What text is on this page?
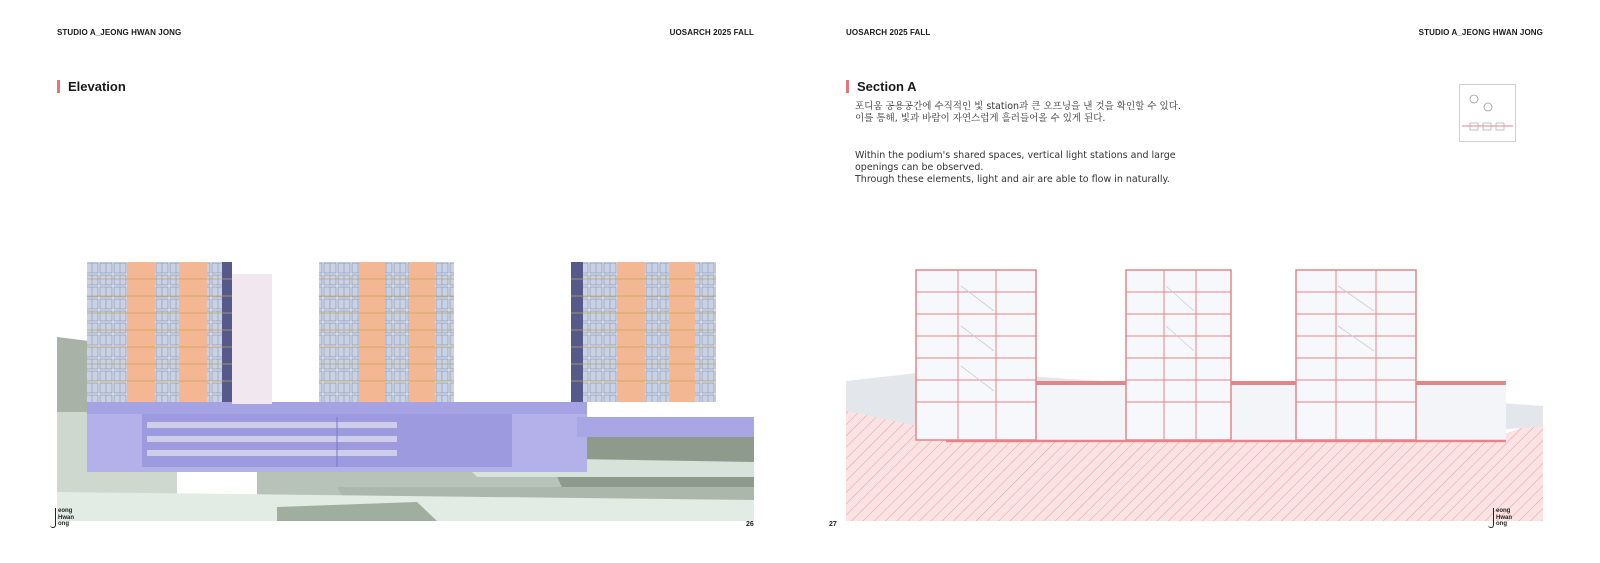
STUDIO A_JEONG HWAN JONG	UOSARCH 2025 FALL
Elevation
eong
Hwan
ong	26
UOSARCH 2025 FALL	STUDIO A_JEONG HWAN JONG
Section A
포디움 공용공간에 수직적인 빛 station과 큰 오프닝을 낸 것을 확인할 수 있다.
이를 통해, 빛과 바람이 자연스럽게 흘러들어올 수 있게 된다.
Within the podium's shared spaces, vertical light stations and large
openings can be observed.
Through these elements, light and air are able to flow in naturally.
27
eong
Hwan
ong
